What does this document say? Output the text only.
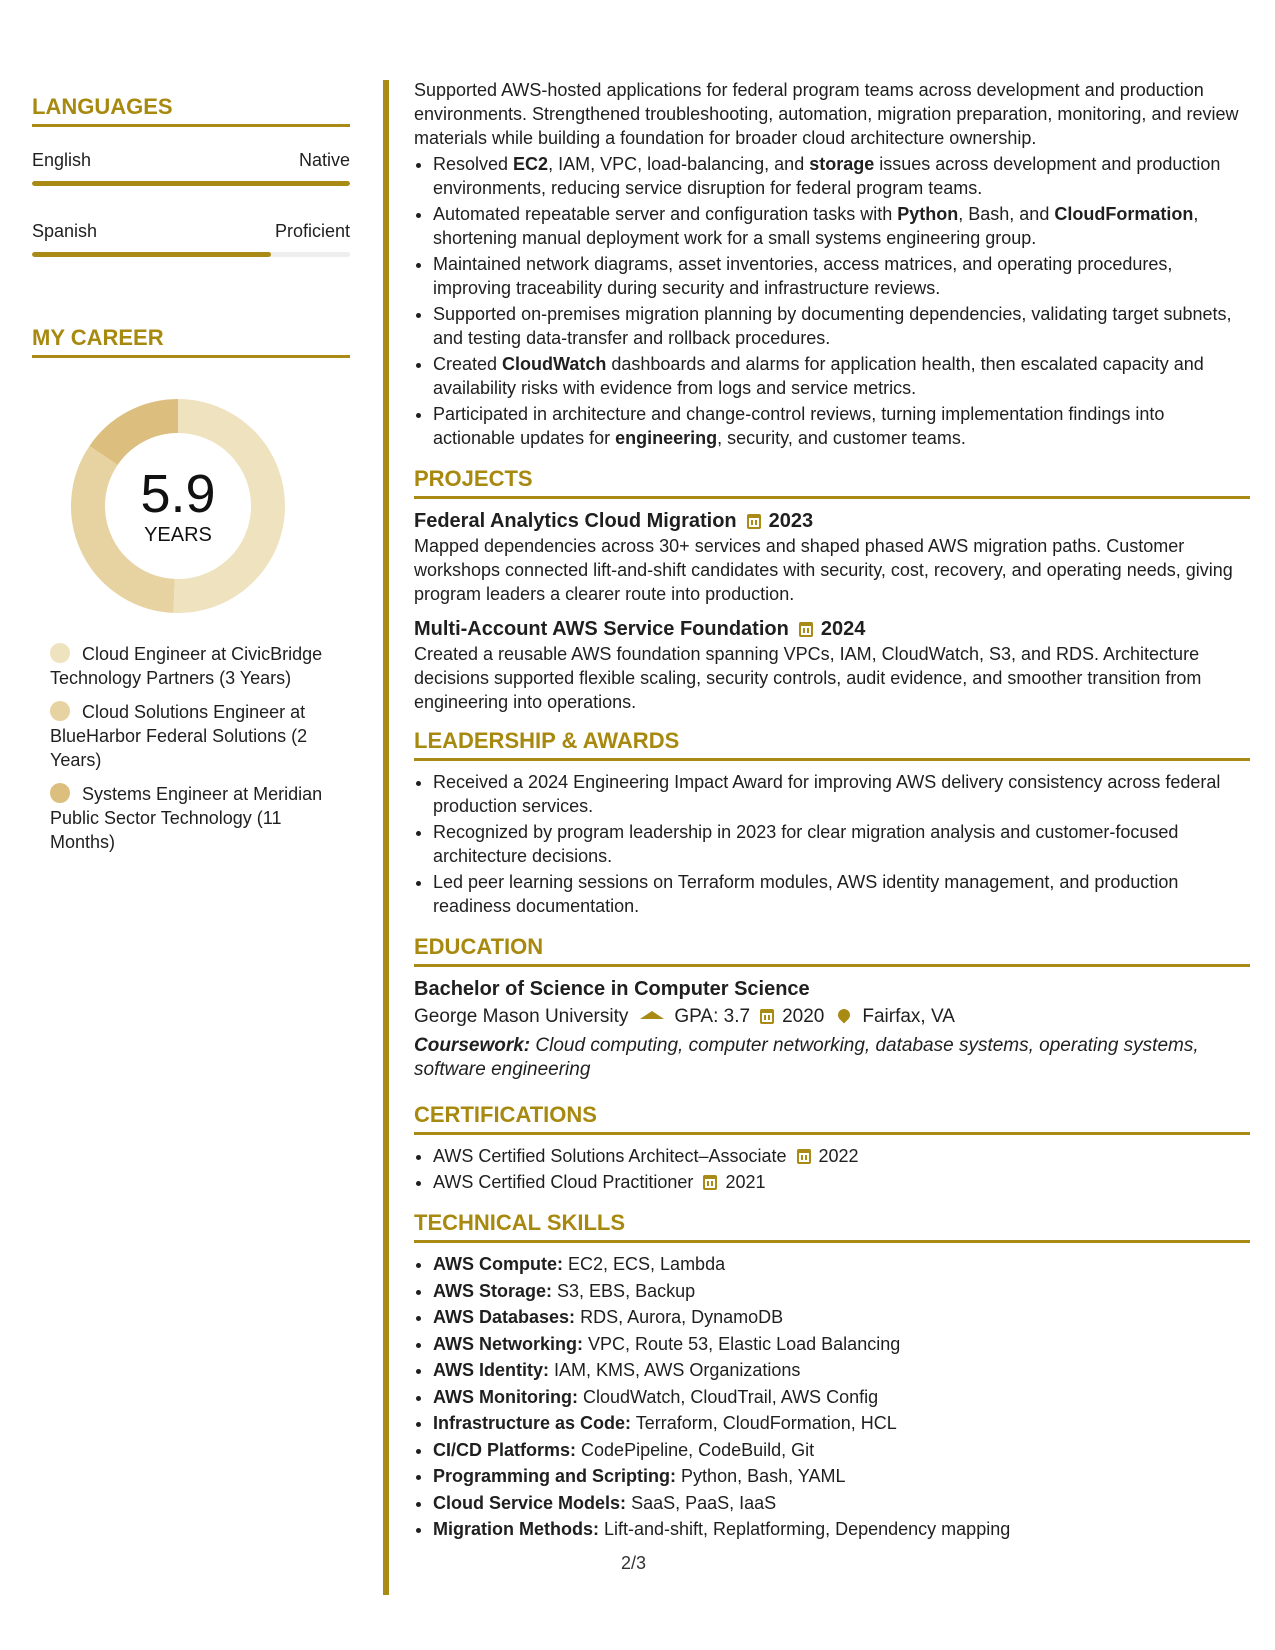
LANGUAGES
English	Native
Spanish	Proficient
MY CAREER
5.9
YEARS
Cloud Engineer at CivicBridge Technology Partners (3 Years)
Cloud Solutions Engineer at BlueHarbor Federal Solutions (2 Years)
Systems Engineer at Meridian Public Sector Technology (11 Months)

Supported AWS-hosted applications for federal program teams across development and production environments. Strengthened troubleshooting, automation, migration preparation, monitoring, and review materials while building a foundation for broader cloud architecture ownership.

• Resolved EC2, IAM, VPC, load-balancing, and storage issues across development and production environments, reducing service disruption for federal program teams.
• Automated repeatable server and configuration tasks with Python, Bash, and CloudFormation, shortening manual deployment work for a small systems engineering group.
• Maintained network diagrams, asset inventories, access matrices, and operating procedures, improving traceability during security and infrastructure reviews.
• Supported on-premises migration planning by documenting dependencies, validating target subnets, and testing data-transfer and rollback procedures.
• Created CloudWatch dashboards and alarms for application health, then escalated capacity and availability risks with evidence from logs and service metrics.
• Participated in architecture and change-control reviews, turning implementation findings into actionable updates for engineering, security, and customer teams.
PROJECTS
Federal Analytics Cloud Migration 2023

Mapped dependencies across 30+ services and shaped phased AWS migration paths. Customer workshops connected lift-and-shift candidates with security, cost, recovery, and operating needs, giving program leaders a clearer route into production.

Multi-Account AWS Service Foundation 2024

Created a reusable AWS foundation spanning VPCs, IAM, CloudWatch, S3, and RDS. Architecture decisions supported flexible scaling, security controls, audit evidence, and smoother transition from engineering into operations.

LEADERSHIP & AWARDS
• Received a 2024 Engineering Impact Award for improving AWS delivery consistency across federal production services.
• Recognized by program leadership in 2023 for clear migration analysis and customer-focused architecture decisions.
• Led peer learning sessions on Terraform modules, AWS identity management, and production readiness documentation.
EDUCATION
Bachelor of Science in Computer Science
George Mason University GPA: 3.7 2020 Fairfax, VA

Coursework: Cloud computing, computer networking, database systems, operating systems, software engineering

CERTIFICATIONS
• AWS Certified Solutions Architect–Associate 2022
• AWS Certified Cloud Practitioner 2021
TECHNICAL SKILLS
• AWS Compute: EC2, ECS, Lambda
• AWS Storage: S3, EBS, Backup
• AWS Databases: RDS, Aurora, DynamoDB
• AWS Networking: VPC, Route 53, Elastic Load Balancing
• AWS Identity: IAM, KMS, AWS Organizations
• AWS Monitoring: CloudWatch, CloudTrail, AWS Config
• Infrastructure as Code: Terraform, CloudFormation, HCL
• CI/CD Platforms: CodePipeline, CodeBuild, Git
• Programming and Scripting: Python, Bash, YAML
• Cloud Service Models: SaaS, PaaS, IaaS
• Migration Methods: Lift-and-shift, Replatforming, Dependency mapping
2/3
